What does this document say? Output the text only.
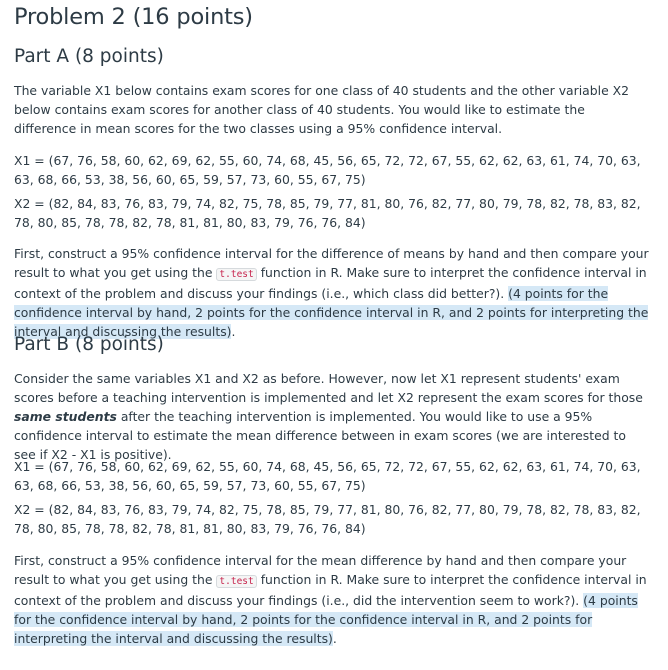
Problem 2 (16 points)
Part A (8 points)

The variable X1 below contains exam scores for one class of 40 students and the other variable X2 below contains exam scores for another class of 40 students. You would like to estimate the difference in mean scores for the two classes using a 95% confidence interval.

X1 = (67, 76, 58, 60, 62, 69, 62, 55, 60, 74, 68, 45, 56, 65, 72, 72, 67, 55, 62, 62, 63, 61, 74, 70, 63, 63, 68, 66, 53, 38, 56, 60, 65, 59, 57, 73, 60, 55, 67, 75)

X2 = (82, 84, 83, 76, 83, 79, 74, 82, 75, 78, 85, 79, 77, 81, 80, 76, 82, 77, 80, 79, 78, 82, 78, 83, 82, 78, 80, 85, 78, 78, 82, 78, 81, 81, 80, 83, 79, 76, 76, 84)

First, construct a 95% confidence interval for the difference of means by hand and then compare your result to what you get using the t.test function in R. Make sure to interpret the confidence interval in context of the problem and discuss your findings (i.e., which class did better?). (4 points for the confidence interval by hand, 2 points for the confidence interval in R, and 2 points for interpreting the interval and discussing the results).

Part B (8 points)

Consider the same variables X1 and X2 as before. However, now let X1 represent students' exam scores before a teaching intervention is implemented and let X2 represent the exam scores for those same students after the teaching intervention is implemented. You would like to use a 95% confidence interval to estimate the mean difference between in exam scores (we are interested to see if X2 - X1 is positive).

X1 = (67, 76, 58, 60, 62, 69, 62, 55, 60, 74, 68, 45, 56, 65, 72, 72, 67, 55, 62, 62, 63, 61, 74, 70, 63, 63, 68, 66, 53, 38, 56, 60, 65, 59, 57, 73, 60, 55, 67, 75)

X2 = (82, 84, 83, 76, 83, 79, 74, 82, 75, 78, 85, 79, 77, 81, 80, 76, 82, 77, 80, 79, 78, 82, 78, 83, 82, 78, 80, 85, 78, 78, 82, 78, 81, 81, 80, 83, 79, 76, 76, 84)

First, construct a 95% confidence interval for the mean difference by hand and then compare your result to what you get using the t.test function in R. Make sure to interpret the confidence interval in context of the problem and discuss your findings (i.e., did the intervention seem to work?). (4 points for the confidence interval by hand, 2 points for the confidence interval in R, and 2 points for interpreting the interval and discussing the results).
